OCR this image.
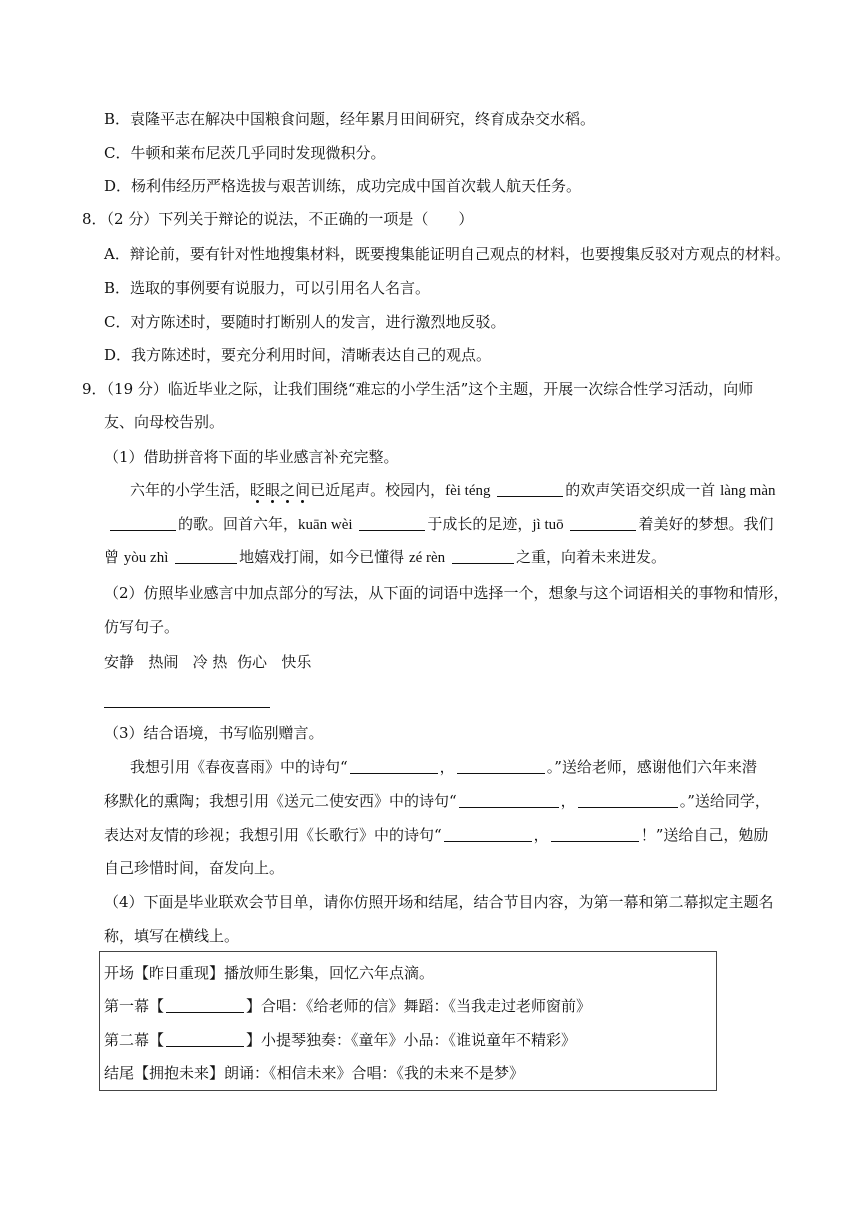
B．袁隆平志在解决中国粮食问题，经年累月田间研究，终育成杂交水稻。
C．牛顿和莱布尼茨几乎同时发现微积分。
D．杨利伟经历严格选拔与艰苦训练，成功完成中国首次载人航天任务。
8．（2 分）下列关于辩论的说法，不正确的一项是（　　）
A．辩论前，要有针对性地搜集材料，既要搜集能证明自己观点的材料，也要搜集反驳对方观点的材料。
B．选取的事例要有说服力，可以引用名人名言。
C．对方陈述时，要随时打断别人的发言，进行激烈地反驳。
D．我方陈述时，要充分利用时间，清晰表达自己的观点。
9．（19 分）临近毕业之际，让我们围绕“难忘的小学生活”这个主题，开展一次综合性学习活动，向师
友、向母校告别。
（1）借助拼音将下面的毕业感言补充完整。
六年的小学生活，眨眼之间已近尾声。校园内，fèi téng	的欢声笑语交织成一首 làng màn
的歌。回首六年，kuān wèi	于成长的足迹，jì tuō	着美好的梦想。我们
曾 yòu zhì	地嬉戏打闹，如今已懂得 zé rèn	之重，向着未来进发。
（2）仿照毕业感言中加点部分的写法，从下面的词语中选择一个，想象与这个词语相关的事物和情形，
仿写句子。
安静 热闹 冷 热 伤心 快乐
（3）结合语境，书写临别赠言。
我想引用《春夜喜雨》中的诗句“	，	。”送给老师，感谢他们六年来潜
移默化的熏陶；我想引用《送元二使安西》中的诗句“	，	。”送给同学，
表达对友情的珍视；我想引用《长歌行》中的诗句“	，	！”送给自己，勉励
自己珍惜时间，奋发向上。
（4）下面是毕业联欢会节目单，请你仿照开场和结尾，结合节目内容，为第一幕和第二幕拟定主题名
称，填写在横线上。
开场【昨日重现】播放师生影集，回忆六年点滴。
第一幕【	】合唱：《给老师的信》舞蹈：《当我走过老师窗前》
第二幕【	】小提琴独奏：《童年》小品：《谁说童年不精彩》
结尾【拥抱未来】朗诵：《相信未来》合唱：《我的未来不是梦》
